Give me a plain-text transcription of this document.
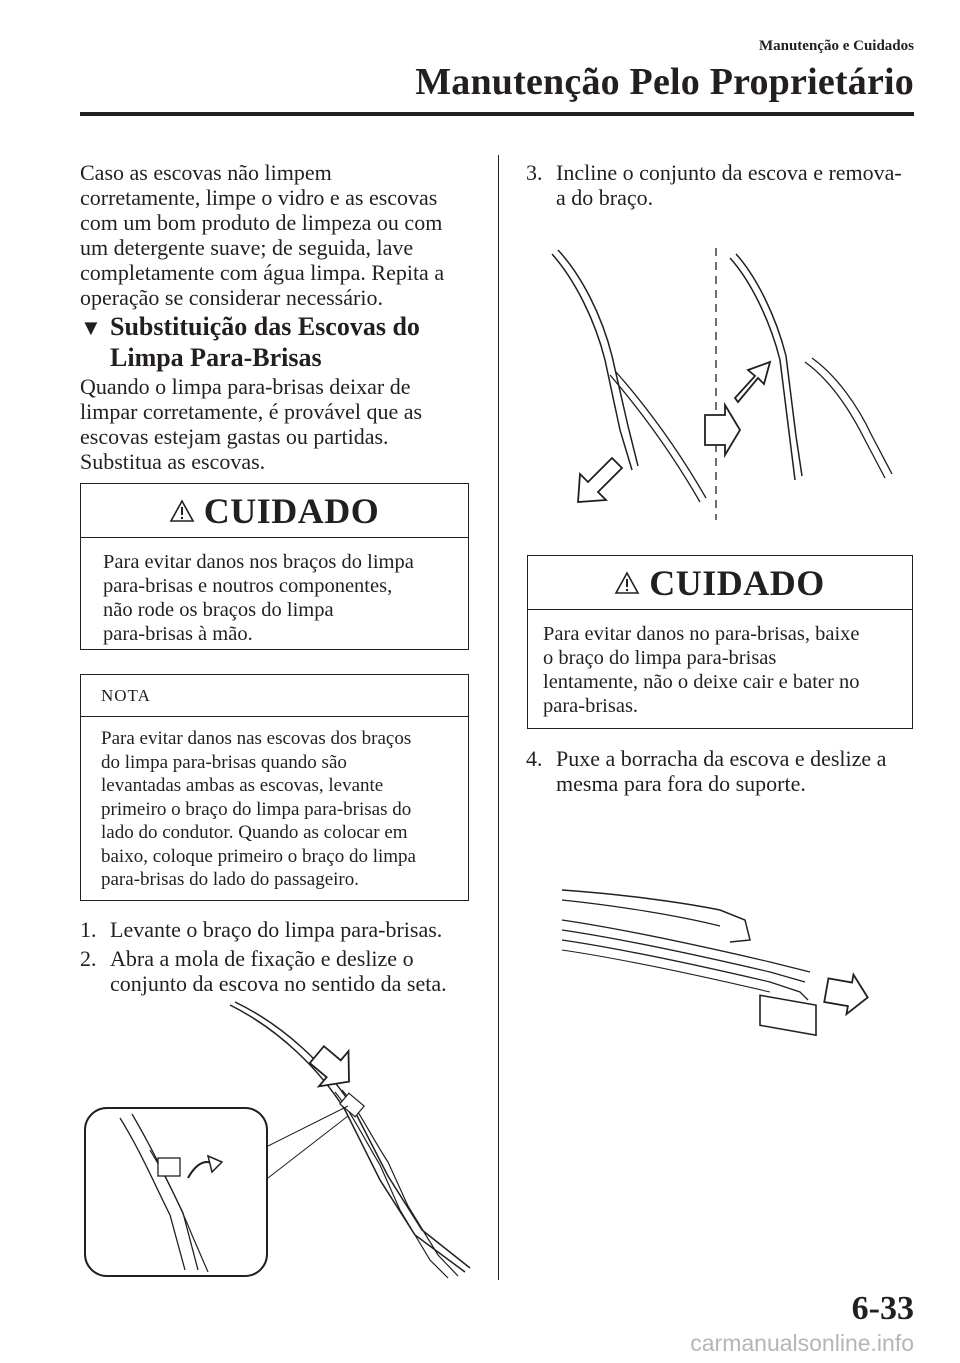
Manutenção e Cuidados
Manutenção Pelo Proprietário
Caso as escovas não limpem
corretamente, limpe o vidro e as escovas
com um bom produto de limpeza ou com
um detergente suave; de seguida, lave
completamente com água limpa. Repita a
operação se considerar necessário.
▼ Substituição das Escovas do
Limpa Para-Brisas
Quando o limpa para-brisas deixar de
limpar corretamente, é provável que as
escovas estejam gastas ou partidas.
Substitua as escovas.
CUIDADO
Para evitar danos nos braços do limpa
para-brisas e noutros componentes,
não rode os braços do limpa
para-brisas à mão.
NOTA
Para evitar danos nas escovas dos braços
do limpa para-brisas quando são
levantadas ambas as escovas, levante
primeiro o braço do limpa para-brisas do
lado do condutor. Quando as colocar em
baixo, coloque primeiro o braço do limpa
para-brisas do lado do passageiro.
1. Levante o braço do limpa para-brisas.
2. Abra a mola de fixação e deslize o
conjunto da escova no sentido da seta.
3. Incline o conjunto da escova e remova-
a do braço.
CUIDADO
Para evitar danos no para-brisas, baixe
o braço do limpa para-brisas
lentamente, não o deixe cair e bater no
para-brisas.
4. Puxe a borracha da escova e deslize a
mesma para fora do suporte.
6-33
carmanualsonline.info
